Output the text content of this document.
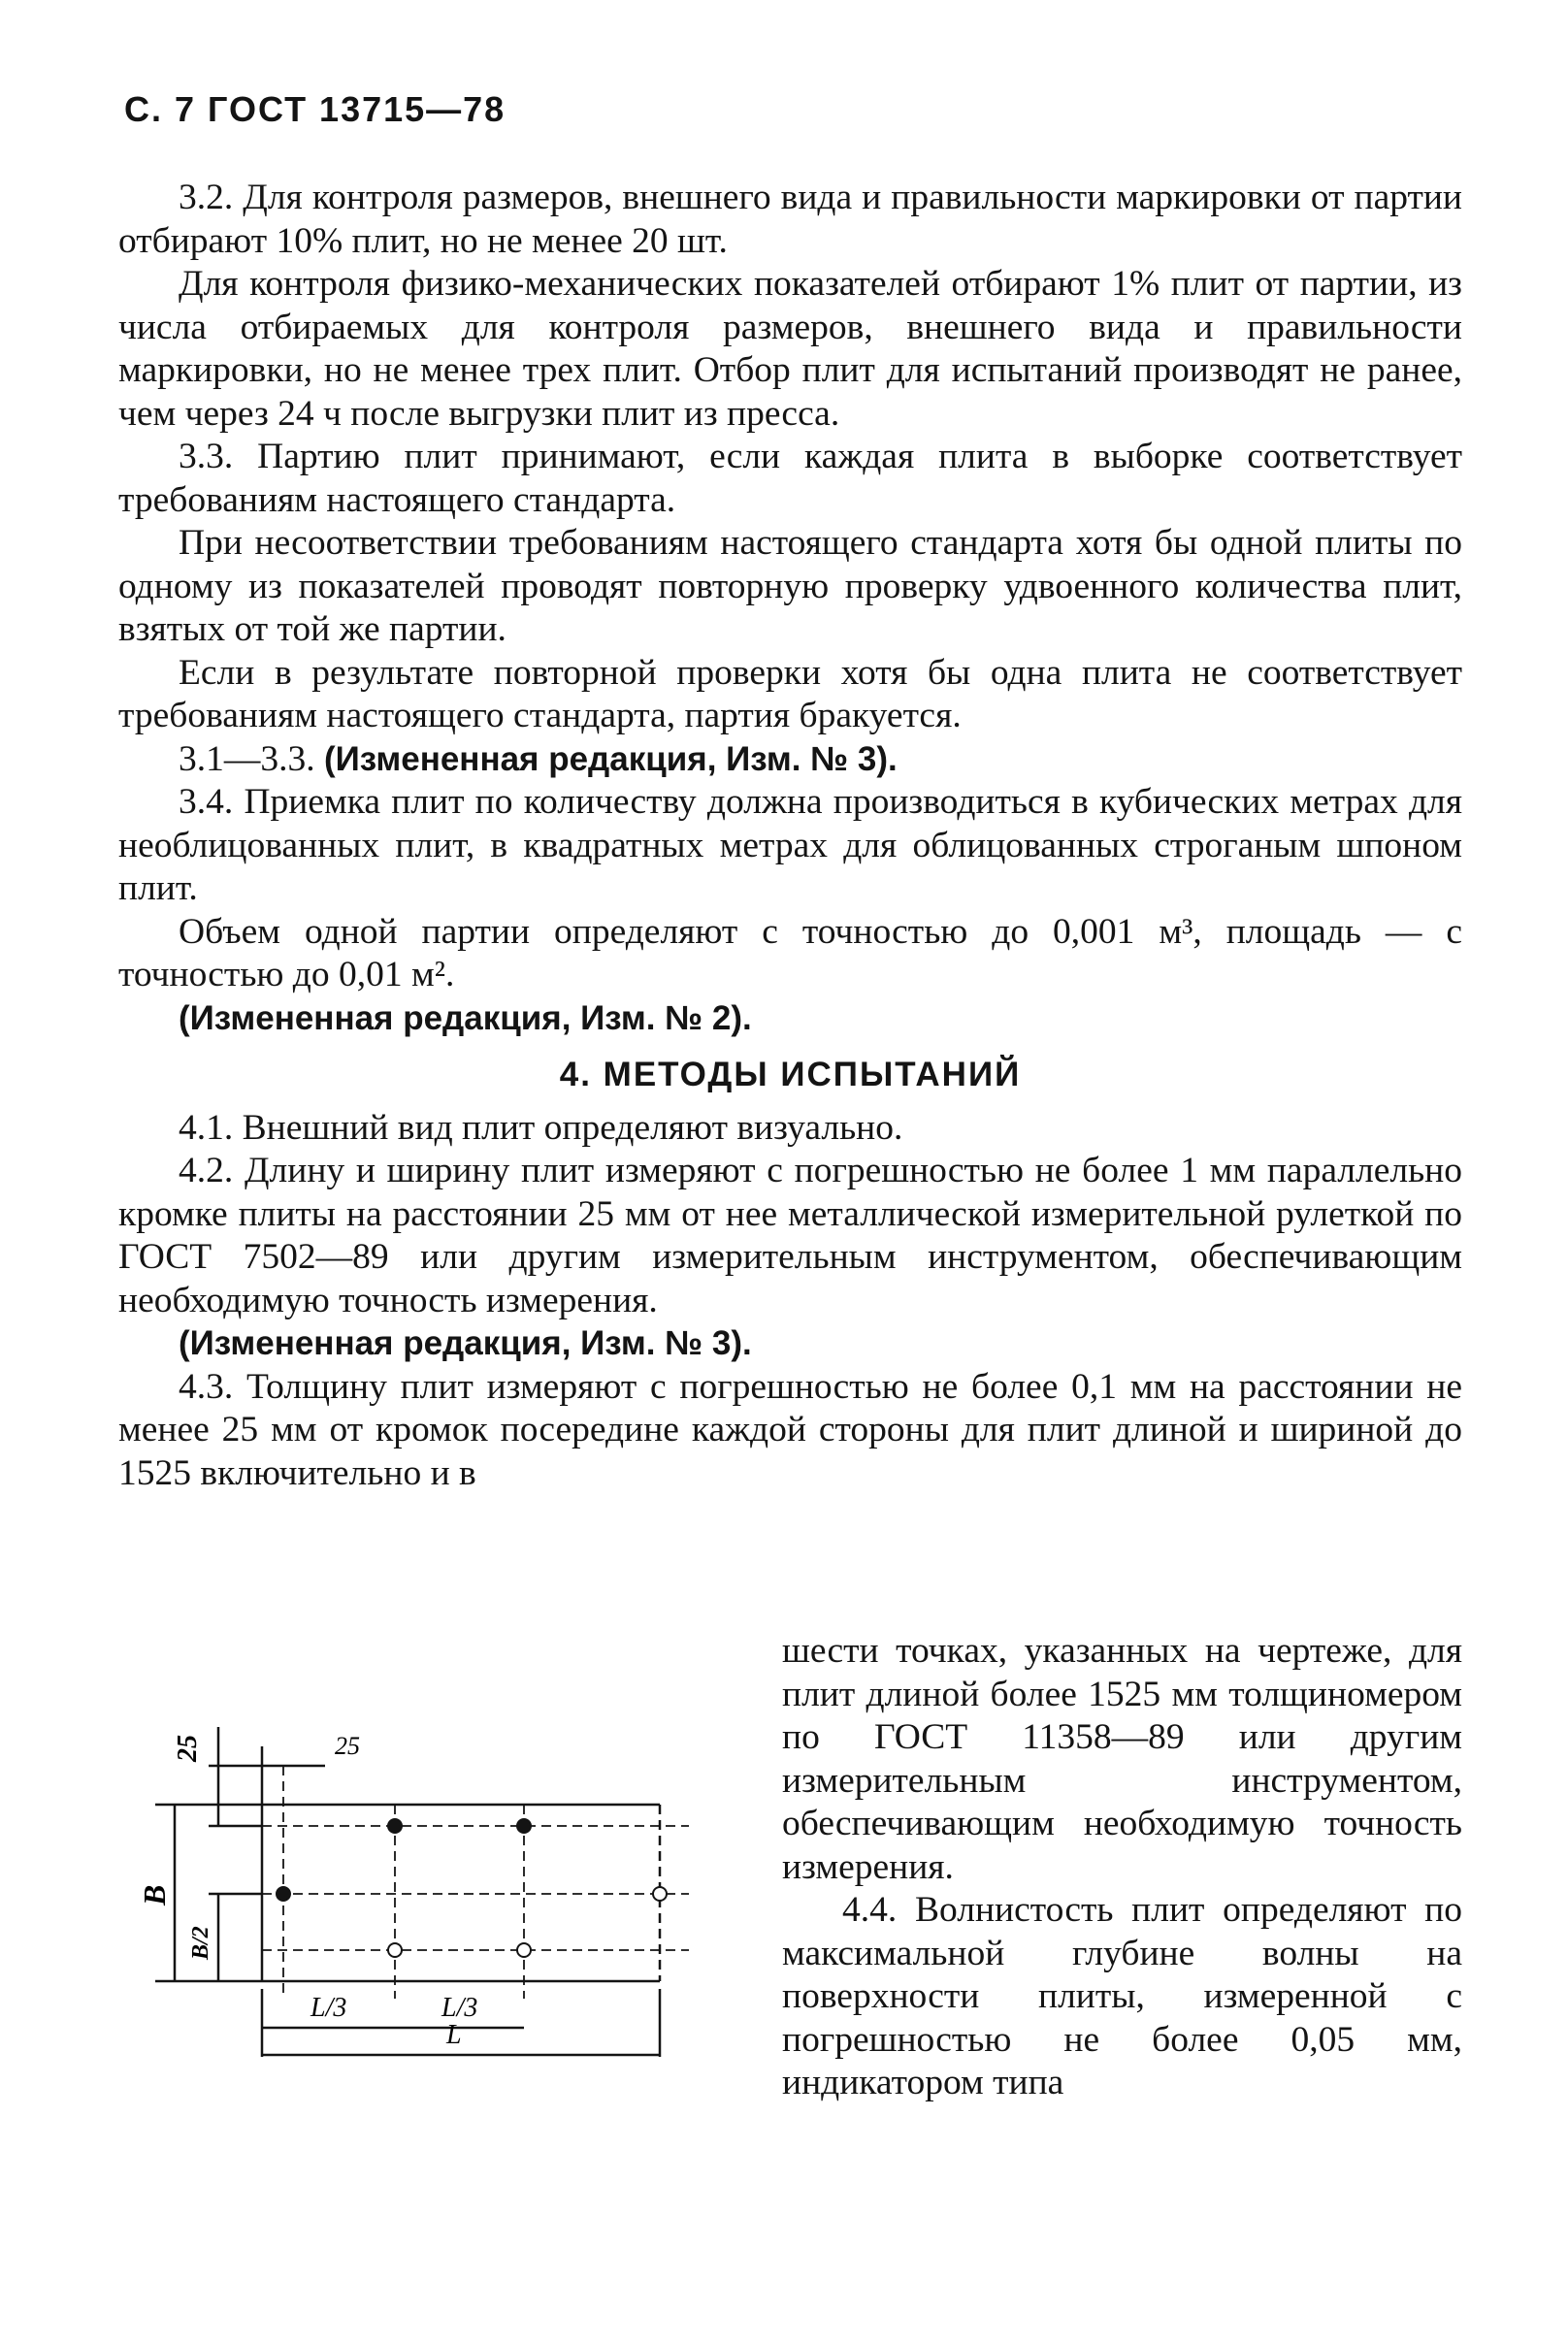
С. 7 ГОСТ 13715—78

3.2. Для контроля размеров, внешнего вида и правильности маркировки от партии отбирают 10% плит, но не менее 20 шт.

Для контроля физико-механических показателей отбирают 1% плит от партии, из числа отбираемых для контроля размеров, внешнего вида и правильности маркировки, но не менее трех плит. Отбор плит для испытаний производят не ранее, чем через 24 ч после выгрузки плит из пресса.

3.3. Партию плит принимают, если каждая плита в выборке соответствует требованиям настоящего стандарта.

При несоответствии требованиям настоящего стандарта хотя бы одной плиты по одному из показателей проводят повторную проверку удвоенного количества плит, взятых от той же партии.

Если в результате повторной проверки хотя бы одна плита не соответствует требованиям настоящего стандарта, партия бракуется.

3.1—3.3. (Измененная редакция, Изм. № 3).

3.4. Приемка плит по количеству должна производиться в кубических метрах для необлицованных плит, в квадратных метрах для облицованных строганым шпоном плит.

Объем одной партии определяют с точностью до 0,001 м³, площадь — с точностью до 0,01 м².

(Измененная редакция, Изм. № 2).

4. МЕТОДЫ ИСПЫТАНИЙ

4.1. Внешний вид плит определяют визуально.

4.2. Длину и ширину плит измеряют с погрешностью не более 1 мм параллельно кромке плиты на расстоянии 25 мм от нее металлической измерительной рулеткой по ГОСТ 7502—89 или другим измерительным инструментом, обеспечивающим необходимую точность измерения.

(Измененная редакция, Изм. № 3).

4.3. Толщину плит измеряют с погрешностью не более 0,1 мм на расстоянии не менее 25 мм от кромок посередине каждой стороны для плит длиной и шириной до 1525 включительно и в

шести точках, указанных на чертеже, для плит длиной более 1525 мм толщиномером по ГОСТ 11358—89 или другим измерительным инструментом, обеспечивающим необходимую точность измерения.

4.4. Волнистость плит определяют по максимальной глубине волны на поверхности плиты, измеренной с погрешностью не более 0,05 мм, индикатором типа

25	25
В
В/2
L/3	L/3
L
